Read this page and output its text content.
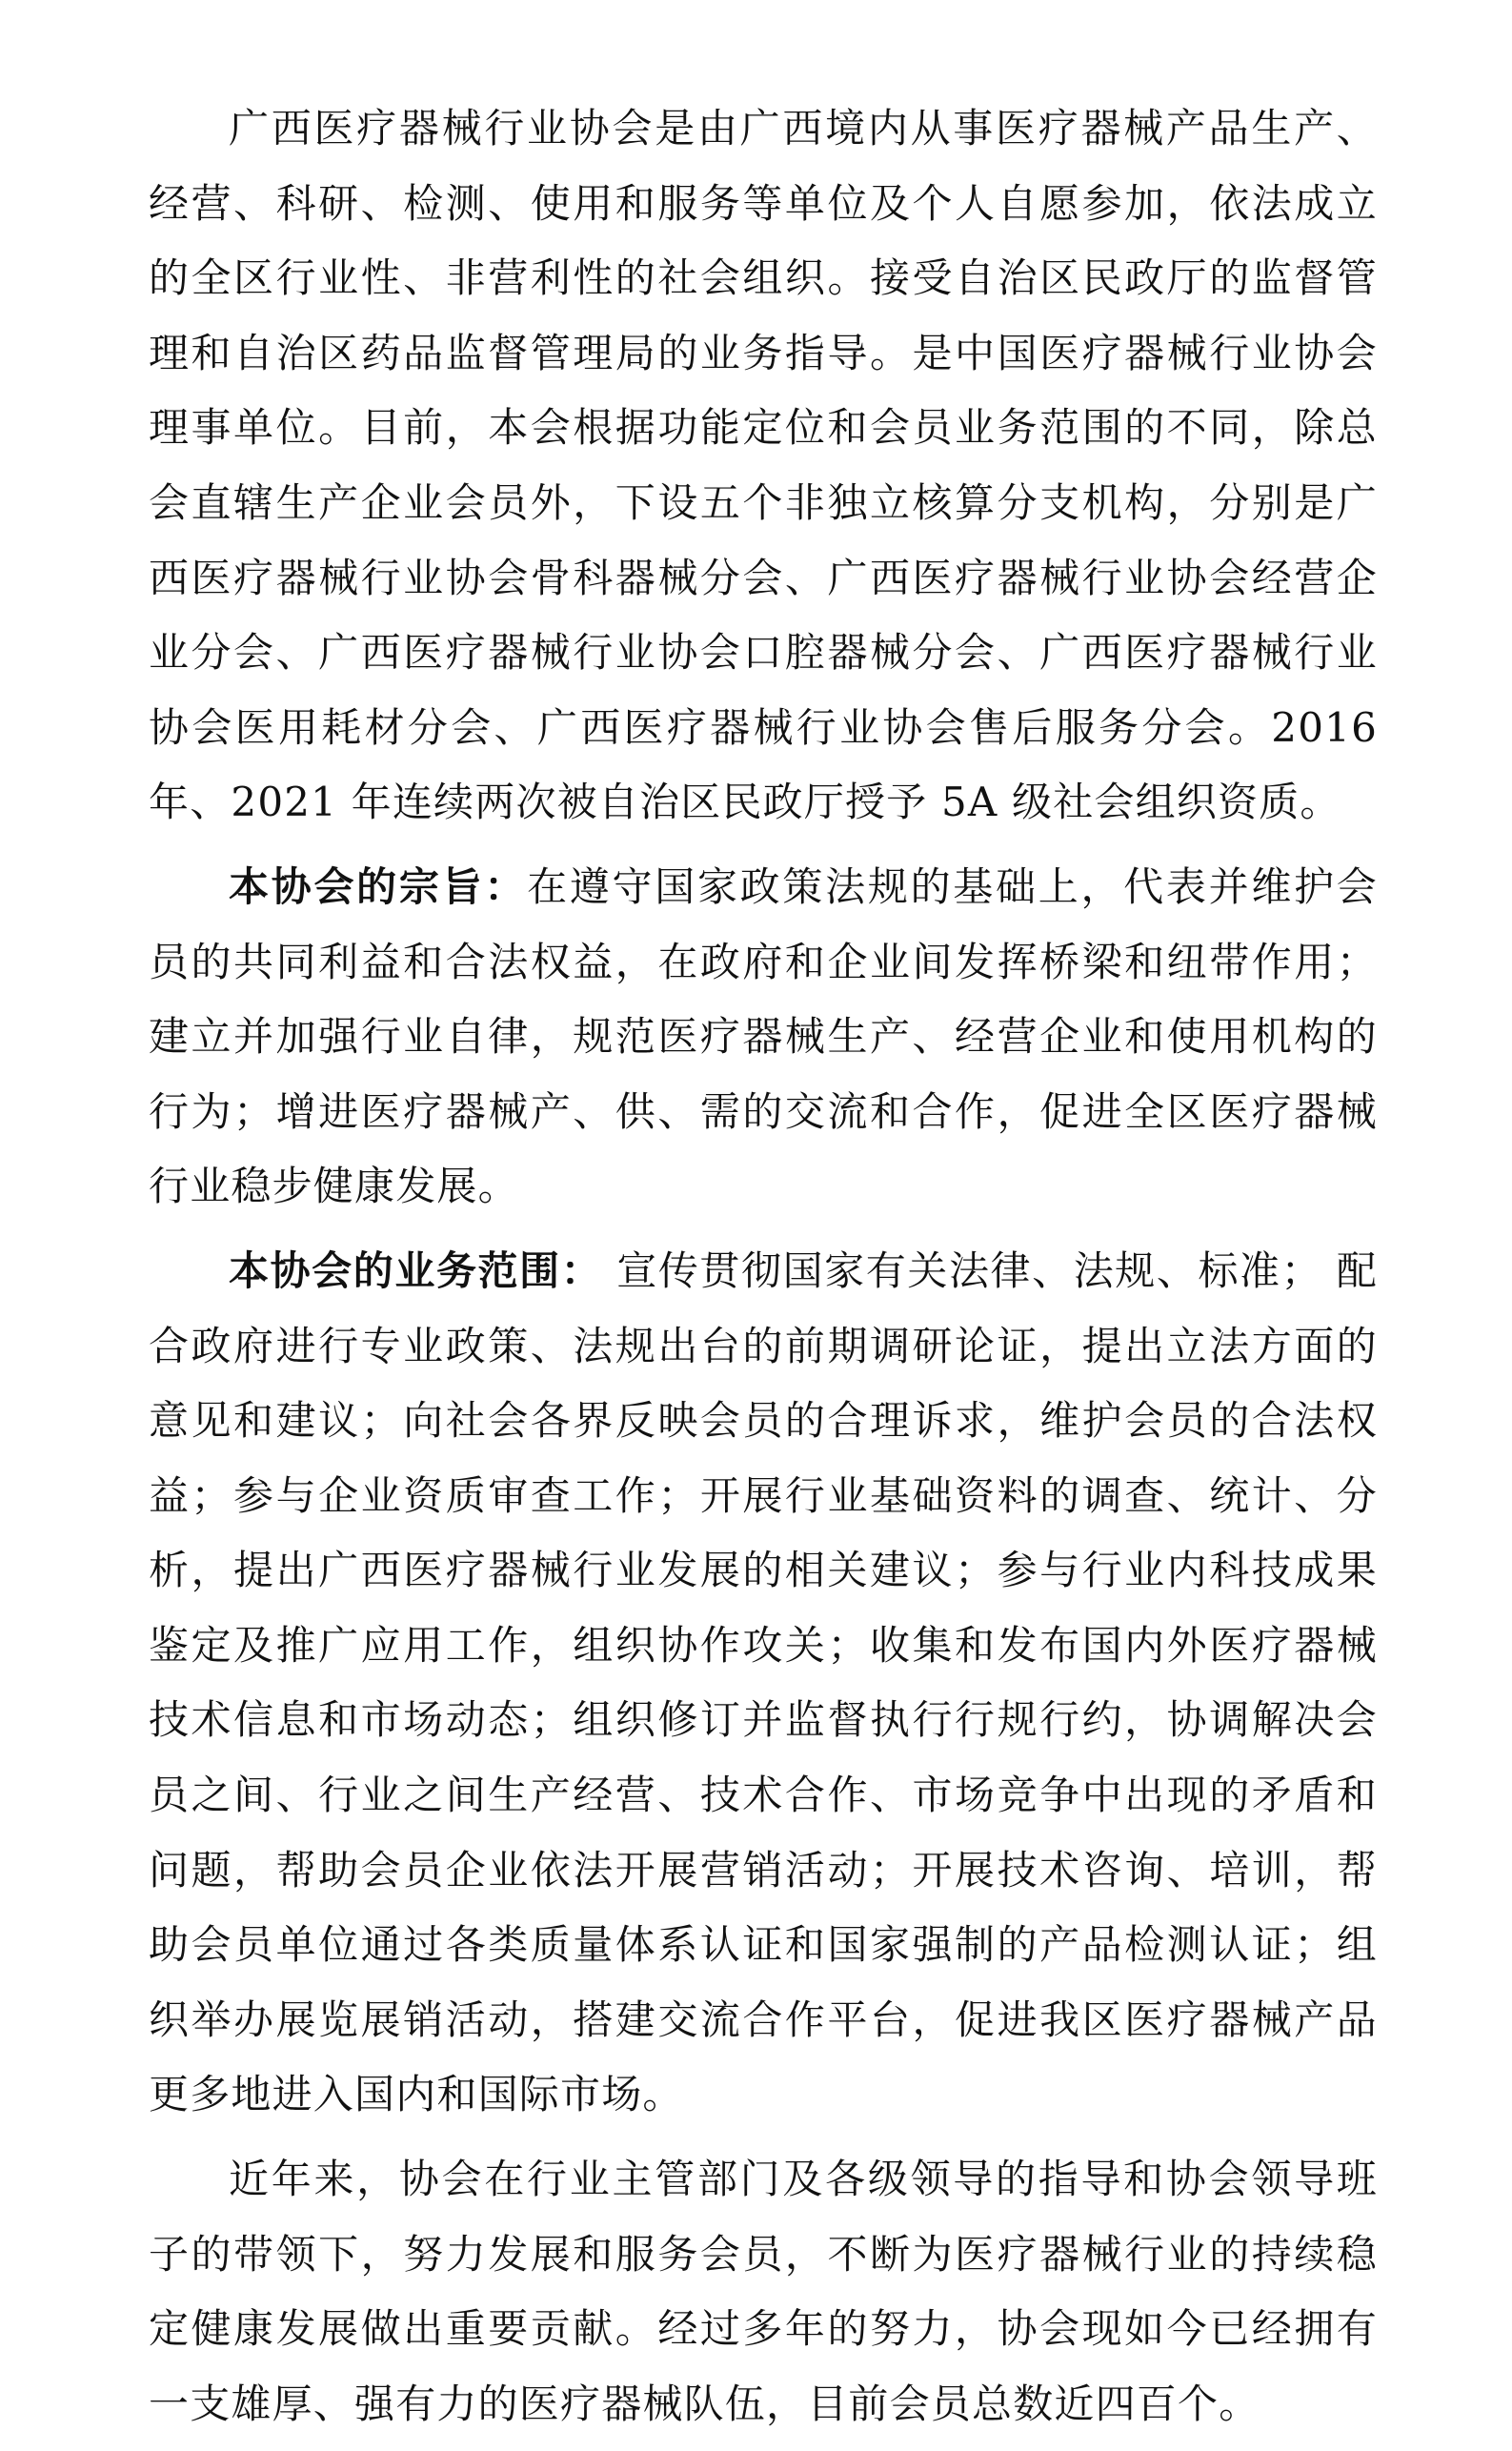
广西医疗器械行业协会是由广西境内从事医疗器械产品生产、经营、科研、检测、使用和服务等单位及个人自愿参加，依法成立的全区行业性、非营利性的社会组织。接受自治区民政厅的监督管理和自治区药品监督管理局的业务指导。是中国医疗器械行业协会理事单位。目前，本会根据功能定位和会员业务范围的不同，除总会直辖生产企业会员外，下设五个非独立核算分支机构，分别是广西医疗器械行业协会骨科器械分会、广西医疗器械行业协会经营企业分会、广西医疗器械行业协会口腔器械分会、广西医疗器械行业协会医用耗材分会、广西医疗器械行业协会售后服务分会。2016 年、2021 年连续两次被自治区民政厅授予 5A 级社会组织资质。

本协会的宗旨：在遵守国家政策法规的基础上，代表并维护会员的共同利益和合法权益，在政府和企业间发挥桥梁和纽带作用；建立并加强行业自律，规范医疗器械生产、经营企业和使用机构的行为；增进医疗器械产、供、需的交流和合作，促进全区医疗器械行业稳步健康发展。

本协会的业务范围： 宣传贯彻国家有关法律、法规、标准； 配合政府进行专业政策、法规出台的前期调研论证，提出立法方面的意见和建议；向社会各界反映会员的合理诉求，维护会员的合法权益；参与企业资质审查工作；开展行业基础资料的调查、统计、分析，提出广西医疗器械行业发展的相关建议；参与行业内科技成果鉴定及推广应用工作，组织协作攻关；收集和发布国内外医疗器械技术信息和市场动态；组织修订并监督执行行规行约，协调解决会员之间、行业之间生产经营、技术合作、市场竞争中出现的矛盾和问题，帮助会员企业依法开展营销活动；开展技术咨询、培训，帮助会员单位通过各类质量体系认证和国家强制的产品检测认证；组织举办展览展销活动，搭建交流合作平台，促进我区医疗器械产品更多地进入国内和国际市场。

近年来，协会在行业主管部门及各级领导的指导和协会领导班子的带领下，努力发展和服务会员，不断为医疗器械行业的持续稳定健康发展做出重要贡献。经过多年的努力，协会现如今已经拥有一支雄厚、强有力的医疗器械队伍，目前会员总数近四百个。
